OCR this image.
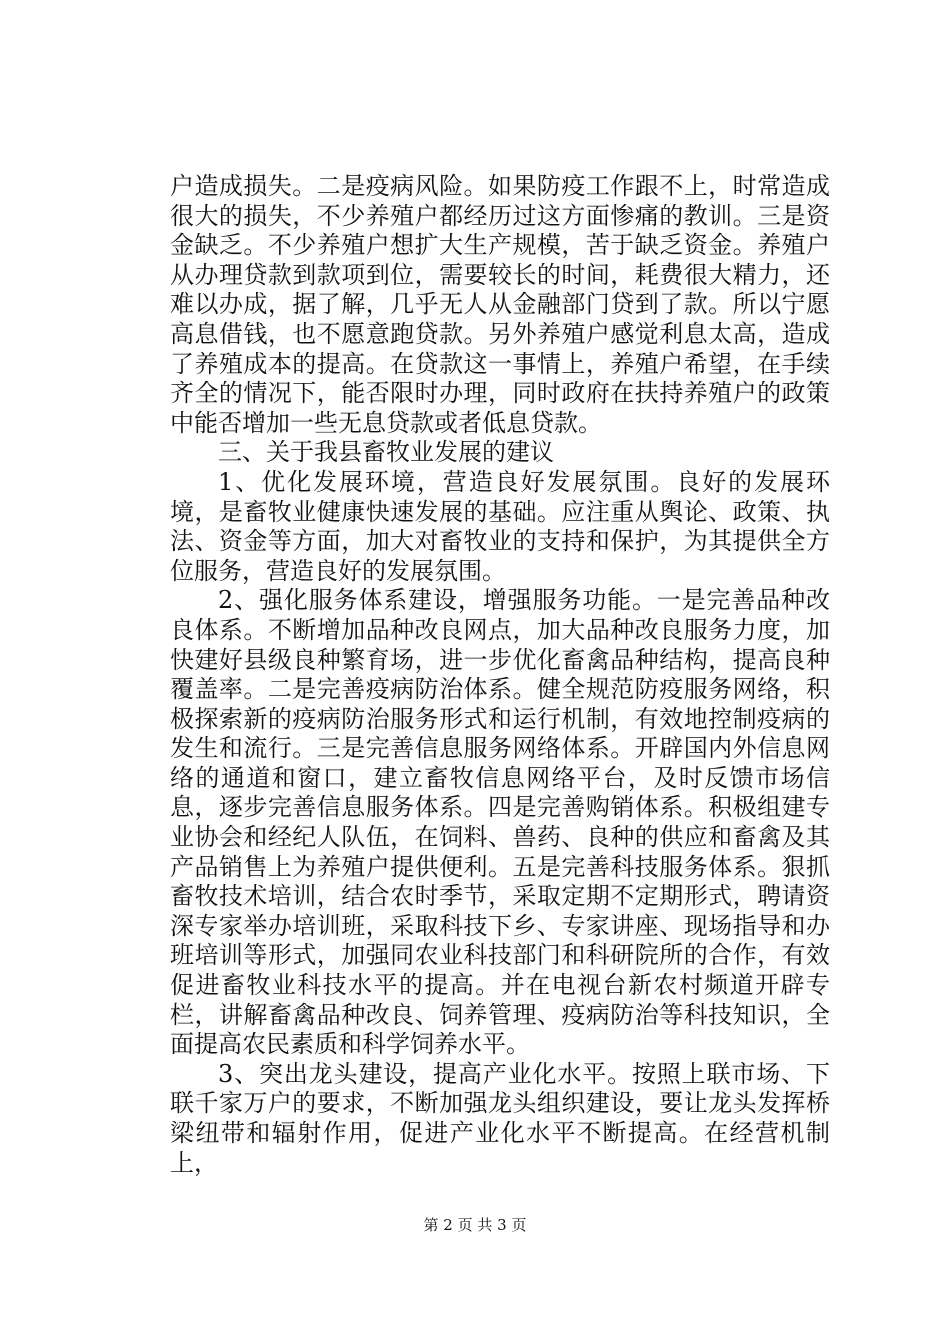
户造成损失。二是疫病风险。如果防疫工作跟不上，时常造成很大的损失，不少养殖户都经历过这方面惨痛的教训。三是资金缺乏。不少养殖户想扩大生产规模，苦于缺乏资金。养殖户从办理贷款到款项到位，需要较长的时间，耗费很大精力，还难以办成，据了解，几乎无人从金融部门贷到了款。所以宁愿高息借钱，也不愿意跑贷款。另外养殖户感觉利息太高，造成了养殖成本的提高。在贷款这一事情上，养殖户希望，在手续齐全的情况下，能否限时办理，同时政府在扶持养殖户的政策中能否增加一些无息贷款或者低息贷款。

三、关于我县畜牧业发展的建议

1、优化发展环境，营造良好发展氛围。良好的发展环境，是畜牧业健康快速发展的基础。应注重从舆论、政策、执法、资金等方面，加大对畜牧业的支持和保护，为其提供全方位服务，营造良好的发展氛围。

2、强化服务体系建设，增强服务功能。一是完善品种改良体系。不断增加品种改良网点，加大品种改良服务力度，加快建好县级良种繁育场，进一步优化畜禽品种结构，提高良种覆盖率。二是完善疫病防治体系。健全规范防疫服务网络，积极探索新的疫病防治服务形式和运行机制，有效地控制疫病的发生和流行。三是完善信息服务网络体系。开辟国内外信息网络的通道和窗口，建立畜牧信息网络平台，及时反馈市场信息，逐步完善信息服务体系。四是完善购销体系。积极组建专业协会和经纪人队伍，在饲料、兽药、良种的供应和畜禽及其产品销售上为养殖户提供便利。五是完善科技服务体系。狠抓畜牧技术培训，结合农时季节，采取定期不定期形式，聘请资深专家举办培训班，采取科技下乡、专家讲座、现场指导和办班培训等形式，加强同农业科技部门和科研院所的合作，有效促进畜牧业科技水平的提高。并在电视台新农村频道开辟专栏，讲解畜禽品种改良、饲养管理、疫病防治等科技知识，全面提高农民素质和科学饲养水平。

3、突出龙头建设，提高产业化水平。按照上联市场、下联千家万户的要求，不断加强龙头组织建设，要让龙头发挥桥梁纽带和辐射作用，促进产业化水平不断提高。在经营机制上，

第 2 页 共 3 页
